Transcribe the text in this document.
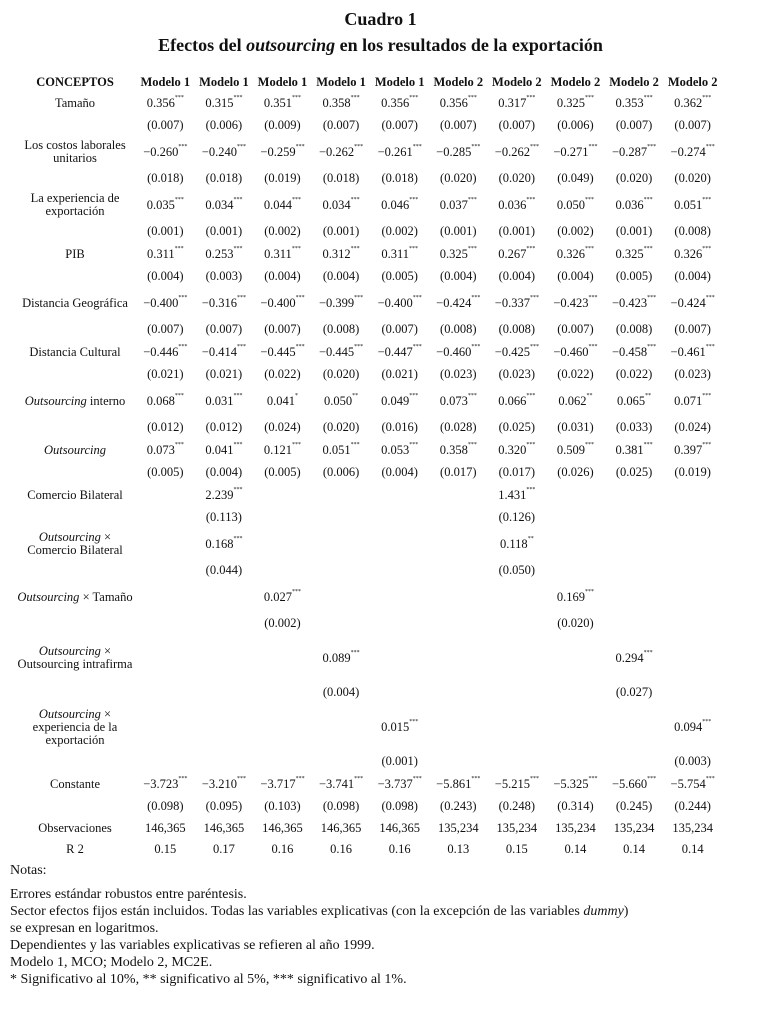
Cuadro 1
Efectos del outsourcing en los resultados de la exportación
CONCEPTOS	Modelo 1	Modelo 1	Modelo 1	Modelo 1	Modelo 1	Modelo 2	Modelo 2	Modelo 2	Modelo 2	Modelo 2
Tamaño	0.356***	0.315***	0.351***	0.358***	0.356***	0.356***	0.317***	0.325***	0.353***	0.362***
	(0.007)	(0.006)	(0.009)	(0.007)	(0.007)	(0.007)	(0.007)	(0.006)	(0.007)	(0.007)
Los costos laborales unitarios	−0.260***	−0.240***	−0.259***	−0.262***	−0.261***	−0.285***	−0.262***	−0.271***	−0.287***	−0.274***
	(0.018)	(0.018)	(0.019)	(0.018)	(0.018)	(0.020)	(0.020)	(0.049)	(0.020)	(0.020)
La experiencia de exportación	0.035***	0.034***	0.044***	0.034***	0.046***	0.037***	0.036***	0.050***	0.036***	0.051***
	(0.001)	(0.001)	(0.002)	(0.001)	(0.002)	(0.001)	(0.001)	(0.002)	(0.001)	(0.008)
PIB	0.311***	0.253***	0.311***	0.312***	0.311***	0.325***	0.267***	0.326***	0.325***	0.326***
	(0.004)	(0.003)	(0.004)	(0.004)	(0.005)	(0.004)	(0.004)	(0.004)	(0.005)	(0.004)
Distancia Geográfica	−0.400***	−0.316***	−0.400***	−0.399***	−0.400***	−0.424***	−0.337***	−0.423***	−0.423***	−0.424***
	(0.007)	(0.007)	(0.007)	(0.008)	(0.007)	(0.008)	(0.008)	(0.007)	(0.008)	(0.007)
Distancia Cultural	−0.446***	−0.414***	−0.445***	−0.445***	−0.447***	−0.460***	−0.425***	−0.460***	−0.458***	−0.461***
	(0.021)	(0.021)	(0.022)	(0.020)	(0.021)	(0.023)	(0.023)	(0.022)	(0.022)	(0.023)
Outsourcing interno	0.068***	0.031***	0.041*	0.050**	0.049***	0.073***	0.066***	0.062**	0.065**	0.071***
	(0.012)	(0.012)	(0.024)	(0.020)	(0.016)	(0.028)	(0.025)	(0.031)	(0.033)	(0.024)
Outsourcing	0.073***	0.041***	0.121***	0.051***	0.053***	0.358***	0.320***	0.509***	0.381***	0.397***
	(0.005)	(0.004)	(0.005)	(0.006)	(0.004)	(0.017)	(0.017)	(0.026)	(0.025)	(0.019)
Comercio Bilateral		2.239***					1.431***			
		(0.113)					(0.126)			
Outsourcing × Comercio Bilateral		0.168***					0.118**			
		(0.044)					(0.050)			
Outsourcing × Tamaño			0.027***					0.169***		
			(0.002)					(0.020)		
Outsourcing × Outsourcing intrafirma				0.089***					0.294***	
				(0.004)					(0.027)	
Outsourcing × experiencia de la exportación					0.015***					0.094***
					(0.001)					(0.003)
Constante	−3.723***	−3.210***	−3.717***	−3.741***	−3.737***	−5.861***	−5.215***	−5.325***	−5.660***	−5.754***
	(0.098)	(0.095)	(0.103)	(0.098)	(0.098)	(0.243)	(0.248)	(0.314)	(0.245)	(0.244)
Observaciones	146,365	146,365	146,365	146,365	146,365	135,234	135,234	135,234	135,234	135,234
R 2	0.15	0.17	0.16	0.16	0.16	0.13	0.15	0.14	0.14	0.14
Notas:
Errores estándar robustos entre paréntesis.
Sector efectos fijos están incluidos. Todas las variables explicativas (con la excepción de las variables dummy)
se expresan en logaritmos.
Dependientes y las variables explicativas se refieren al año 1999.
Modelo 1, MCO; Modelo 2, MC2E.
* Significativo al 10%, ** significativo al 5%, *** significativo al 1%.
